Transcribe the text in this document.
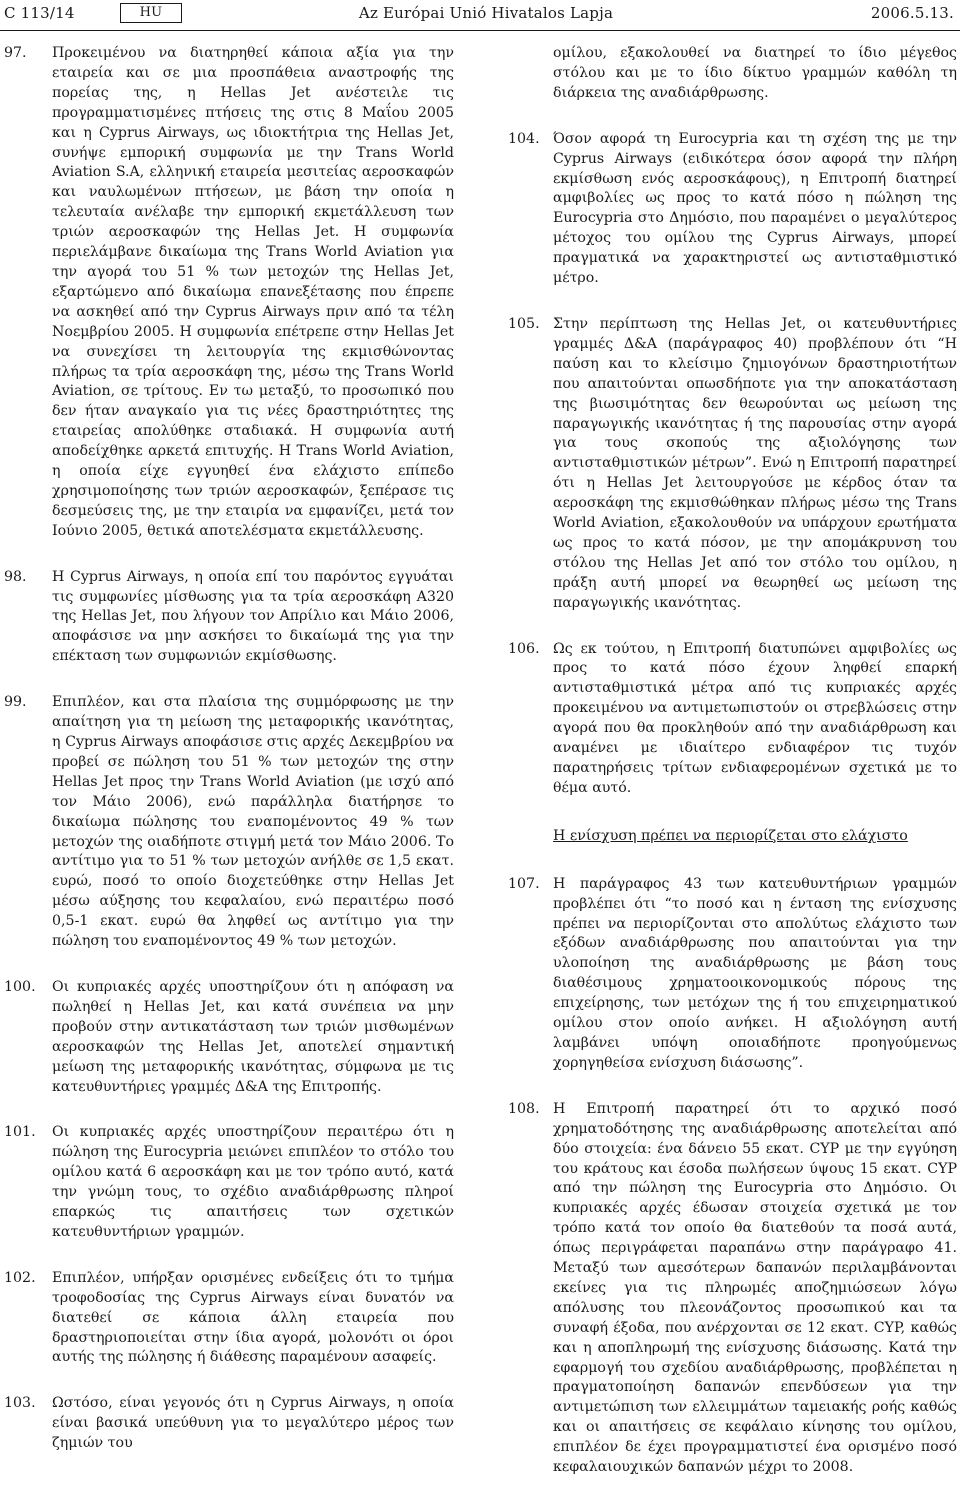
C 113/14	HU	Az Európai Unió Hivatalos Lapja	2006.5.13.
97. Προκειμένου να διατηρηθεί κάποια αξία για την εταιρεία και σε μια προσπάθεια αναστροφής της πορείας της, η Hellas Jet ανέστειλε τις προγραμματισμένες πτήσεις της στις 8 Μαΐου 2005 και η Cyprus Airways, ως ιδιοκτήτρια της Hellas Jet, συνήψε εμπορική συμφωνία με την Trans World Aviation S.A, ελληνική εταιρεία μεσιτείας αεροσκαφών και ναυλωμένων πτήσεων, με βάση την οποία η τελευταία ανέλαβε την εμπορική εκμετάλλευση των τριών αεροσκαφών της Hellas Jet. Η συμφωνία περιελάμβανε δικαίωμα της Trans World Aviation για την αγορά του 51 % των μετοχών της Hellas Jet, εξαρτώμενο από δικαίωμα επανεξέτασης που έπρεπε να ασκηθεί από την Cyprus Airways πριν από τα τέλη Νοεμβρίου 2005. Η συμφωνία επέτρεπε στην Hellas Jet να συνεχίσει τη λειτουργία της εκμισθώνοντας πλήρως τα τρία αεροσκάφη της, μέσω της Trans World Aviation, σε τρίτους. Εν τω μεταξύ, το προσωπικό που δεν ήταν αναγκαίο για τις νέες δραστηριότητες της εταιρείας απολύθηκε σταδιακά. Η συμφωνία αυτή αποδείχθηκε αρκετά επιτυχής. Η Trans World Aviation, η οποία είχε εγγυηθεί ένα ελάχιστο επίπεδο χρησιμοποίησης των τριών αεροσκαφών, ξεπέρασε τις δεσμεύσεις της, με την εταιρία να εμφανίζει, μετά τον Ιούνιο 2005, θετικά αποτελέσματα εκμετάλλευσης.
98. Η Cyprus Airways, η οποία επί του παρόντος εγγυάται τις συμφωνίες μίσθωσης για τα τρία αεροσκάφη A320 της Hellas Jet, που λήγουν τον Απρίλιο και Μάιο 2006, αποφάσισε να μην ασκήσει το δικαίωμά της για την επέκταση των συμφωνιών εκμίσθωσης.
99. Επιπλέον, και στα πλαίσια της συμμόρφωσης με την απαίτηση για τη μείωση της μεταφορικής ικανότητας, η Cyprus Airways αποφάσισε στις αρχές Δεκεμβρίου να προβεί σε πώληση του 51 % των μετοχών της στην Hellas Jet προς την Trans World Aviation (με ισχύ από τον Μάιο 2006), ενώ παράλληλα διατήρησε το δικαίωμα πώλησης του εναπομένοντος 49 % των μετοχών της οιαδήποτε στιγμή μετά τον Μάιο 2006. Το αντίτιμο για το 51 % των μετοχών ανήλθε σε 1,5 εκατ. ευρώ, ποσό το οποίο διοχετεύθηκε στην Hellas Jet μέσω αύξησης του κεφαλαίου, ενώ περαιτέρω ποσό 0,5-1 εκατ. ευρώ θα ληφθεί ως αντίτιμο για την πώληση του εναπομένοντος 49 % των μετοχών.
100. Οι κυπριακές αρχές υποστηρίζουν ότι η απόφαση να πωληθεί η Hellas Jet, και κατά συνέπεια να μην προβούν στην αντικατάσταση των τριών μισθωμένων αεροσκαφών της Hellas Jet, αποτελεί σημαντική μείωση της μεταφορικής ικανότητας, σύμφωνα με τις κατευθυντήριες γραμμές Δ&A της Επιτροπής.
101. Οι κυπριακές αρχές υποστηρίζουν περαιτέρω ότι η πώληση της Eurocypria μειώνει επιπλέον το στόλο του ομίλου κατά 6 αεροσκάφη και με τον τρόπο αυτό, κατά την γνώμη τους, το σχέδιο αναδιάρθρωσης πληροί επαρκώς τις απαιτήσεις των σχετικών κατευθυντήριων γραμμών.
102. Επιπλέον, υπήρξαν ορισμένες ενδείξεις ότι το τμήμα τροφοδοσίας της Cyprus Airways είναι δυνατόν να διατεθεί σε κάποια άλλη εταιρεία που δραστηριοποιείται στην ίδια αγορά, μολονότι οι όροι αυτής της πώλησης ή διάθεσης παραμένουν ασαφείς.
103. Ωστόσο, είναι γεγονός ότι η Cyprus Airways, η οποία είναι βασικά υπεύθυνη για το μεγαλύτερο μέρος των ζημιών του
ομίλου, εξακολουθεί να διατηρεί το ίδιο μέγεθος στόλου και με το ίδιο δίκτυο γραμμών καθόλη τη διάρκεια της αναδιάρθρωσης.
104. Όσον αφορά τη Eurocypria και τη σχέση της με την Cyprus Airways (ειδικότερα όσον αφορά την πλήρη εκμίσθωση ενός αεροσκάφους), η Επιτροπή διατηρεί αμφιβολίες ως προς το κατά πόσο η πώληση της Eurocypria στο Δημόσιο, που παραμένει ο μεγαλύτερος μέτοχος του ομίλου της Cyprus Airways, μπορεί πραγματικά να χαρακτηριστεί ως αντισταθμιστικό μέτρο.
105. Στην περίπτωση της Hellas Jet, οι κατευθυντήριες γραμμές Δ&A (παράγραφος 40) προβλέπουν ότι “Η παύση και το κλείσιμο ζημιογόνων δραστηριοτήτων που απαιτούνται οπωσδήποτε για την αποκατάσταση της βιωσιμότητας δεν θεωρούνται ως μείωση της παραγωγικής ικανότητας ή της παρουσίας στην αγορά για τους σκοπούς της αξιολόγησης των αντισταθμιστικών μέτρων”. Ενώ η Επιτροπή παρατηρεί ότι η Hellas Jet λειτουργούσε με κέρδος όταν τα αεροσκάφη της εκμισθώθηκαν πλήρως μέσω της Trans World Aviation, εξακολουθούν να υπάρχουν ερωτήματα ως προς το κατά πόσον, με την απομάκρυνση του στόλου της Hellas Jet από τον στόλο του ομίλου, η πράξη αυτή μπορεί να θεωρηθεί ως μείωση της παραγωγικής ικανότητας.
106. Ως εκ τούτου, η Επιτροπή διατυπώνει αμφιβολίες ως προς το κατά πόσο έχουν ληφθεί επαρκή αντισταθμιστικά μέτρα από τις κυπριακές αρχές προκειμένου να αντιμετωπιστούν οι στρεβλώσεις στην αγορά που θα προκληθούν από την αναδιάρθρωση και αναμένει με ιδιαίτερο ενδιαφέρον τις τυχόν παρατηρήσεις τρίτων ενδιαφερομένων σχετικά με το θέμα αυτό.
Η ενίσχυση πρέπει να περιορίζεται στο ελάχιστο
107. Η παράγραφος 43 των κατευθυντήριων γραμμών προβλέπει ότι “το ποσό και η ένταση της ενίσχυσης πρέπει να περιορίζονται στο απολύτως ελάχιστο των εξόδων αναδιάρθρωσης που απαιτούνται για την υλοποίηση της αναδιάρθρωσης με βάση τους διαθέσιμους χρηματοοικονομικούς πόρους της επιχείρησης, των μετόχων της ή του επιχειρηματικού ομίλου στον οποίο ανήκει. Η αξιολόγηση αυτή λαμβάνει υπόψη οποιαδήποτε προηγούμενως χορηγηθείσα ενίσχυση διάσωσης”.
108. Η Επιτροπή παρατηρεί ότι το αρχικό ποσό χρηματοδότησης της αναδιάρθρωσης αποτελείται από δύο στοιχεία: ένα δάνειο 55 εκατ. CYP με την εγγύηση του κράτους και έσοδα πωλήσεων ύψους 15 εκατ. CYP από την πώληση της Eurocypria στο Δημόσιο. Οι κυπριακές αρχές έδωσαν στοιχεία σχετικά με τον τρόπο κατά τον οποίο θα διατεθούν τα ποσά αυτά, όπως περιγράφεται παραπάνω στην παράγραφο 41. Μεταξύ των αμεσότερων δαπανών περιλαμβάνονται εκείνες για τις πληρωμές αποζημιώσεων λόγω απόλυσης του πλεονάζοντος προσωπικού και τα συναφή έξοδα, που ανέρχονται σε 12 εκατ. CYP, καθώς και η αποπληρωμή της ενίσχυσης διάσωσης. Κατά την εφαρμογή του σχεδίου αναδιάρθρωσης, προβλέπεται η πραγματοποίηση δαπανών επενδύσεων για την αντιμετώπιση των ελλειμμάτων ταμειακής ροής καθώς και οι απαιτήσεις σε κεφάλαιο κίνησης του ομίλου, επιπλέον δε έχει προγραμματιστεί ένα ορισμένο ποσό κεφαλαιουχικών δαπανών μέχρι το 2008.
